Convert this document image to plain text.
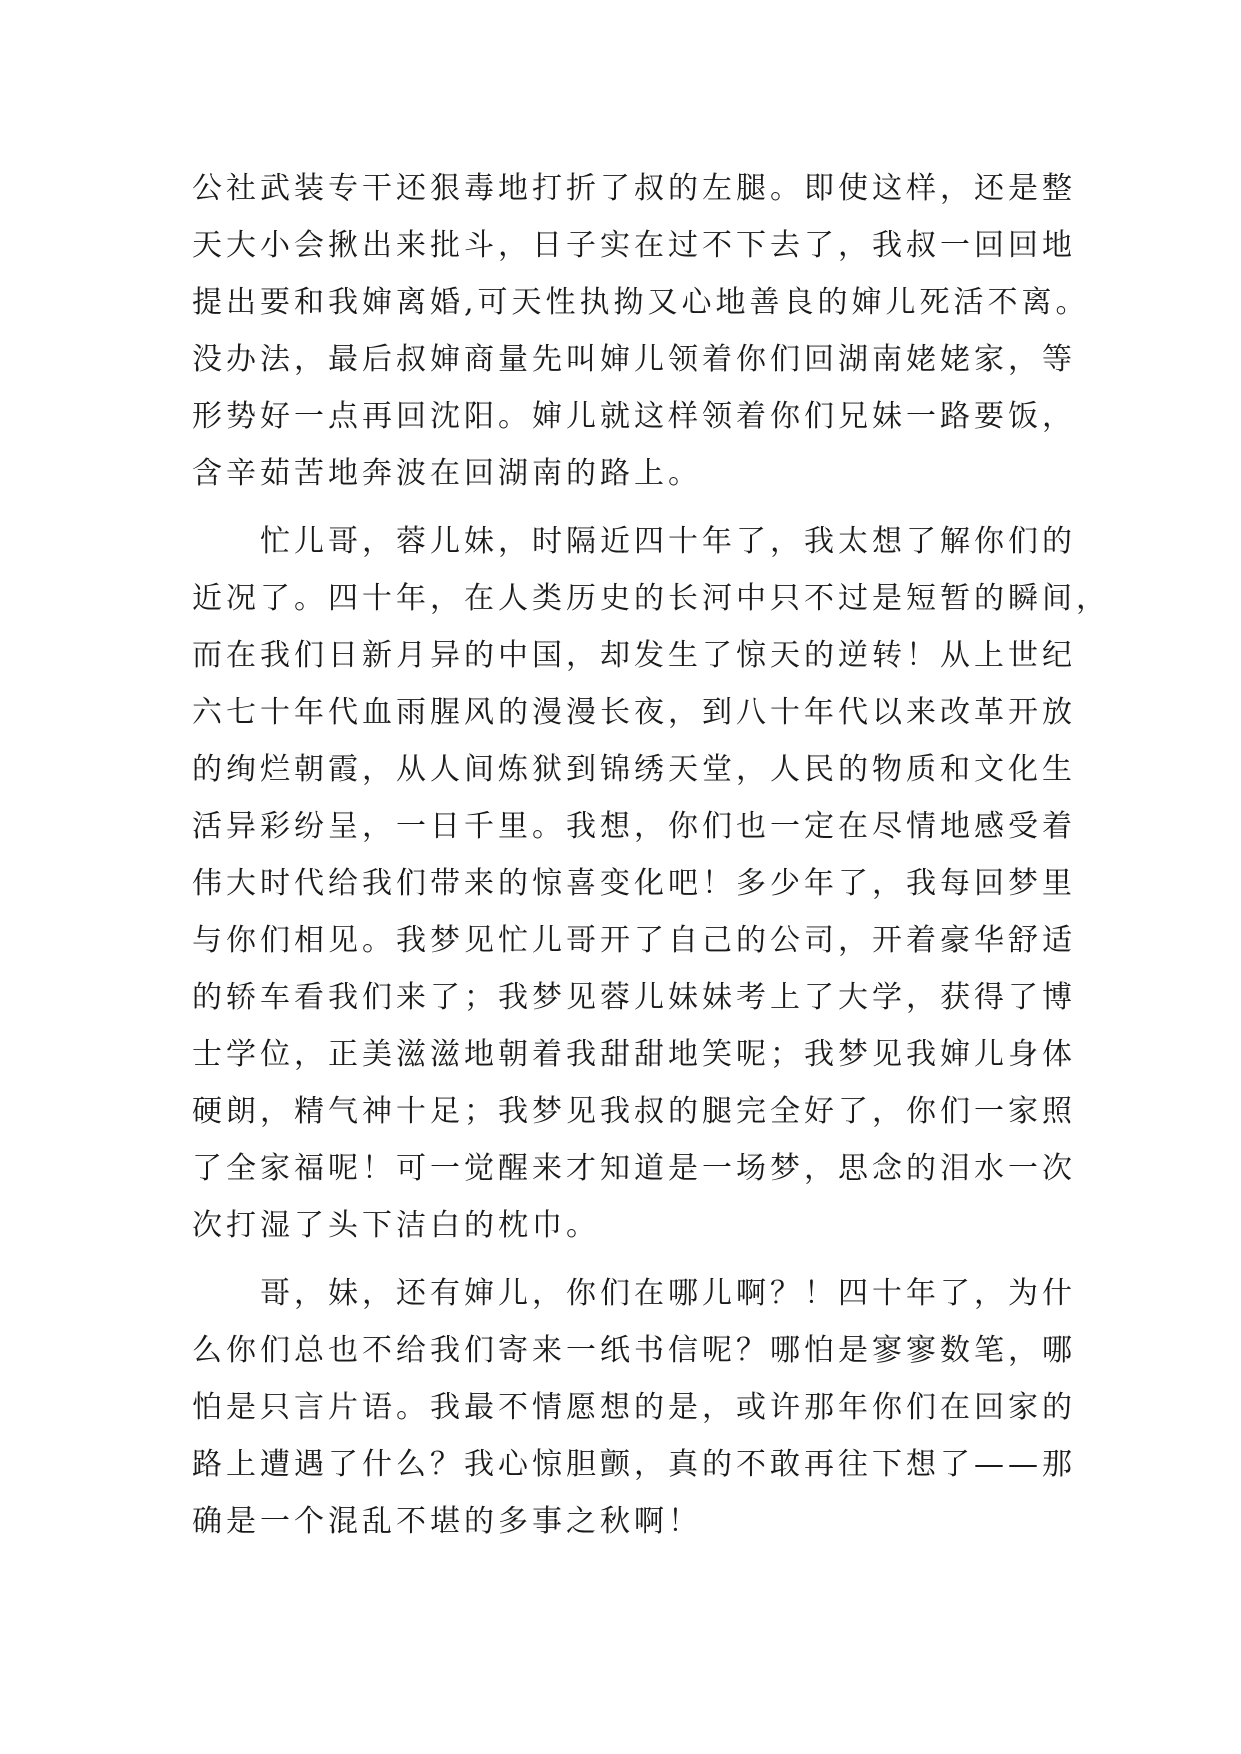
公社武装专干还狠毒地打折了叔的左腿。即使这样，还是整
天大小会揪出来批斗，日子实在过不下去了，我叔一回回地
提出要和我婶离婚,可天性执拗又心地善良的婶儿死活不离。
没办法，最后叔婶商量先叫婶儿领着你们回湖南姥姥家，等
形势好一点再回沈阳。婶儿就这样领着你们兄妹一路要饭，
含辛茹苦地奔波在回湖南的路上。
忙儿哥，蓉儿妹，时隔近四十年了，我太想了解你们的
近况了。四十年，在人类历史的长河中只不过是短暂的瞬间，
而在我们日新月异的中国，却发生了惊天的逆转！从上世纪
六七十年代血雨腥风的漫漫长夜，到八十年代以来改革开放
的绚烂朝霞，从人间炼狱到锦绣天堂，人民的物质和文化生
活异彩纷呈，一日千里。我想，你们也一定在尽情地感受着
伟大时代给我们带来的惊喜变化吧！多少年了，我每回梦里
与你们相见。我梦见忙儿哥开了自己的公司，开着豪华舒适
的轿车看我们来了；我梦见蓉儿妹妹考上了大学，获得了博
士学位，正美滋滋地朝着我甜甜地笑呢；我梦见我婶儿身体
硬朗，精气神十足；我梦见我叔的腿完全好了，你们一家照
了全家福呢！可一觉醒来才知道是一场梦，思念的泪水一次
次打湿了头下洁白的枕巾。
哥，妹，还有婶儿，你们在哪儿啊？！四十年了，为什
么你们总也不给我们寄来一纸书信呢？哪怕是寥寥数笔，哪
怕是只言片语。我最不情愿想的是，或许那年你们在回家的
路上遭遇了什么？我心惊胆颤，真的不敢再往下想了——那
确是一个混乱不堪的多事之秋啊！
